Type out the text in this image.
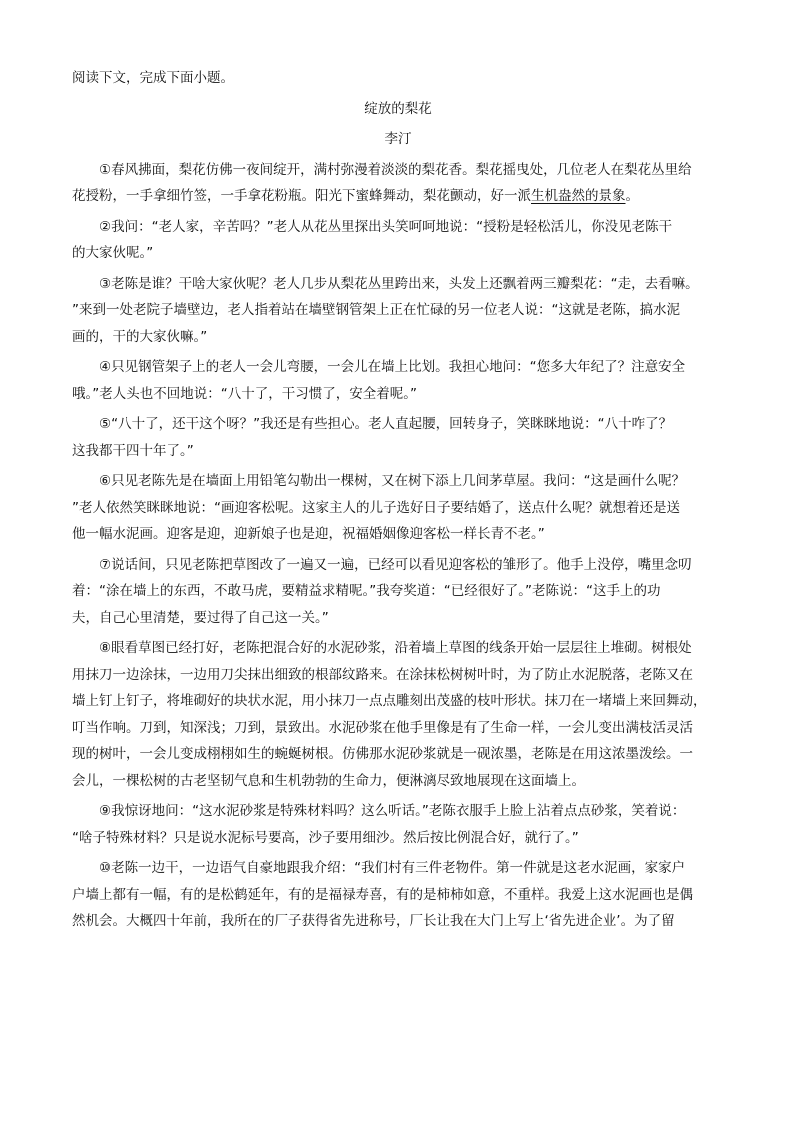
阅读下文，完成下面小题。

绽放的梨花

李汀

①春风拂面，梨花仿佛一夜间绽开，满村弥漫着淡淡的梨花香。梨花摇曳处，几位老人在梨花丛里给

花授粉，一手拿细竹签，一手拿花粉瓶。阳光下蜜蜂舞动，梨花颤动，好一派生机盎然的景象。

②我问：“老人家，辛苦吗？”老人从花丛里探出头笑呵呵地说：“授粉是轻松活儿，你没见老陈干

的大家伙呢。”

③老陈是谁？干啥大家伙呢？老人几步从梨花丛里跨出来，头发上还飘着两三瓣梨花：“走，去看嘛。

”来到一处老院子墙壁边，老人指着站在墙壁钢管架上正在忙碌的另一位老人说：“这就是老陈，搞水泥

画的，干的大家伙嘛。”

④只见钢管架子上的老人一会儿弯腰，一会儿在墙上比划。我担心地问：“您多大年纪了？注意安全

哦。”老人头也不回地说：“八十了，干习惯了，安全着呢。”

⑤“八十了，还干这个呀？”我还是有些担心。老人直起腰，回转身子，笑眯眯地说：“八十咋了？

这我都干四十年了。”

⑥只见老陈先是在墙面上用铅笔勾勒出一棵树，又在树下添上几间茅草屋。我问：“这是画什么呢？

”老人依然笑眯眯地说：“画迎客松呢。这家主人的儿子选好日子要结婚了，送点什么呢？就想着还是送

他一幅水泥画。迎客是迎，迎新娘子也是迎，祝福婚姻像迎客松一样长青不老。”

⑦说话间，只见老陈把草图改了一遍又一遍，已经可以看见迎客松的雏形了。他手上没停，嘴里念叨

着：“涂在墙上的东西，不敢马虎，要精益求精呢。”我夸奖道：“已经很好了。”老陈说：“这手上的功

夫，自己心里清楚，要过得了自己这一关。”

⑧眼看草图已经打好，老陈把混合好的水泥砂浆，沿着墙上草图的线条开始一层层往上堆砌。树根处

用抹刀一边涂抹，一边用刀尖抹出细致的根部纹路来。在涂抹松树树叶时，为了防止水泥脱落，老陈又在

墙上钉上钉子，将堆砌好的块状水泥，用小抹刀一点点雕刻出茂盛的枝叶形状。抹刀在一堵墙上来回舞动，

叮当作响。刀到，知深浅；刀到，景致出。水泥砂浆在他手里像是有了生命一样，一会儿变出满枝活灵活

现的树叶，一会儿变成栩栩如生的蜿蜒树根。仿佛那水泥砂浆就是一砚浓墨，老陈是在用这浓墨泼绘。一

会儿，一棵松树的古老坚韧气息和生机勃勃的生命力，便淋漓尽致地展现在这面墙上。

⑨我惊讶地问：“这水泥砂浆是特殊材料吗？这么听话。”老陈衣服手上脸上沾着点点砂浆，笑着说：

“啥子特殊材料？只是说水泥标号要高，沙子要用细沙。然后按比例混合好，就行了。”

⑩老陈一边干，一边语气自豪地跟我介绍：“我们村有三件老物件。第一件就是这老水泥画，家家户

户墙上都有一幅，有的是松鹤延年，有的是福禄寿喜，有的是柿柿如意，不重样。我爱上这水泥画也是偶

然机会。大概四十年前，我所在的厂子获得省先进称号，厂长让我在大门上写上‘省先进企业’。为了留
